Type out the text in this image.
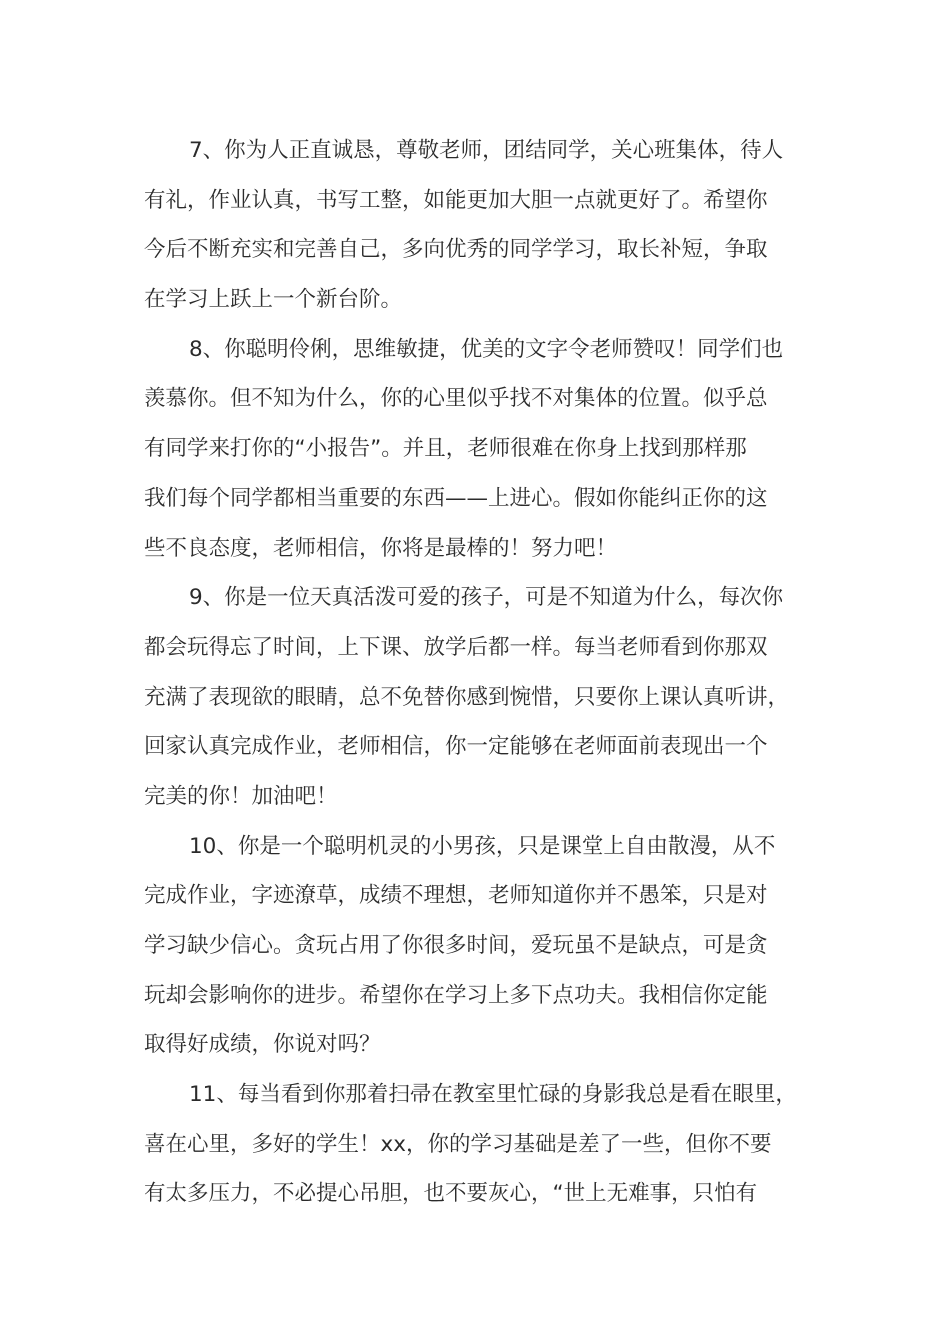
7、你为人正直诚恳，尊敬老师，团结同学，关心班集体，待人
有礼，作业认真，书写工整，如能更加大胆一点就更好了。希望你
今后不断充实和完善自己，多向优秀的同学学习，取长补短，争取
在学习上跃上一个新台阶。
8、你聪明伶俐，思维敏捷，优美的文字令老师赞叹！同学们也
羡慕你。但不知为什么，你的心里似乎找不对集体的位置。似乎总
有同学来打你的“小报告”。并且，老师很难在你身上找到那样那
我们每个同学都相当重要的东西——上进心。假如你能纠正你的这
些不良态度，老师相信，你将是最棒的！努力吧！
9、你是一位天真活泼可爱的孩子，可是不知道为什么，每次你
都会玩得忘了时间，上下课、放学后都一样。每当老师看到你那双
充满了表现欲的眼睛，总不免替你感到惋惜，只要你上课认真听讲，
回家认真完成作业，老师相信，你一定能够在老师面前表现出一个
完美的你！加油吧！
10、你是一个聪明机灵的小男孩，只是课堂上自由散漫，从不
完成作业，字迹潦草，成绩不理想，老师知道你并不愚笨，只是对
学习缺少信心。贪玩占用了你很多时间，爱玩虽不是缺点，可是贪
玩却会影响你的进步。希望你在学习上多下点功夫。我相信你定能
取得好成绩，你说对吗？
11、每当看到你那着扫帚在教室里忙碌的身影我总是看在眼里，
喜在心里，多好的学生！xx，你的学习基础是差了一些，但你不要
有太多压力，不必提心吊胆，也不要灰心，“世上无难事，只怕有
